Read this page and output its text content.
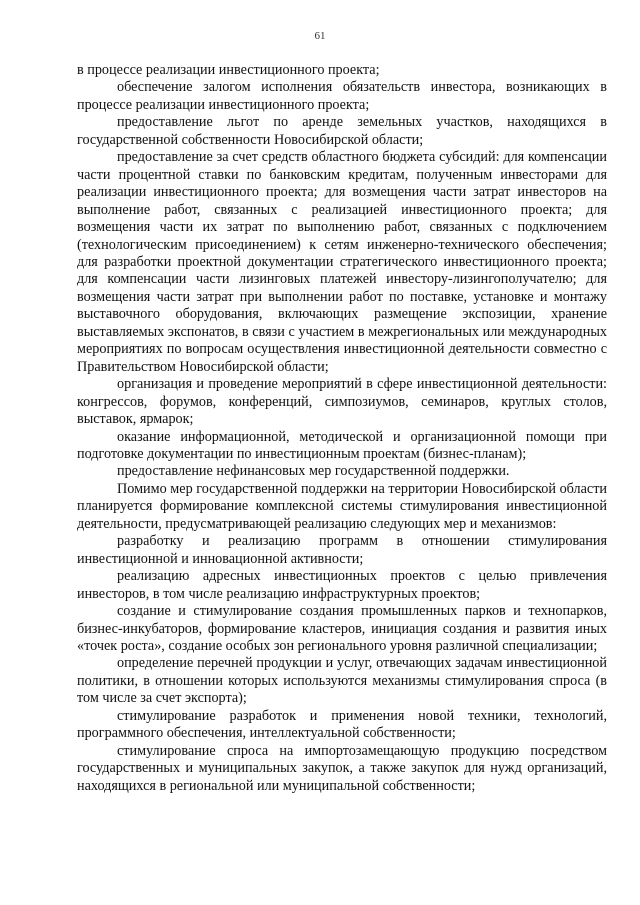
61

в процессе реализации инвестиционного проекта;

обеспечение залогом исполнения обязательств инвестора, возникающих в процессе реализации инвестиционного проекта;

предоставление льгот по аренде земельных участков, находящихся в государственной собственности Новосибирской области;

предоставление за счет средств областного бюджета субсидий: для компенсации части процентной ставки по банковским кредитам, полученным инвесторами для реализации инвестиционного проекта; для возмещения части затрат инвесторов на выполнение работ, связанных с реализацией инвестиционного проекта; для возмещения части их затрат по выполнению работ, связанных с подключением (технологическим присоединением) к сетям инженерно-технического обеспечения; для разработки проектной документации стратегического инвестиционного проекта; для компенсации части лизинговых платежей инвестору-лизингополучателю; для возмещения части затрат при выполнении работ по поставке, установке и монтажу выставочного оборудования, включающих размещение экспозиции, хранение выставляемых экспонатов, в связи с участием в межрегиональных или международных мероприятиях по вопросам осуществления инвестиционной деятельности совместно с Правительством Новосибирской области;

организация и проведение мероприятий в сфере инвестиционной деятельности: конгрессов, форумов, конференций, симпозиумов, семинаров, круглых столов, выставок, ярмарок;

оказание информационной, методической и организационной помощи при подготовке документации по инвестиционным проектам (бизнес-планам);

предоставление нефинансовых мер государственной поддержки.

Помимо мер государственной поддержки на территории Новосибирской области планируется формирование комплексной системы стимулирования инвестиционной деятельности, предусматривающей реализацию следующих мер и механизмов:

разработку и реализацию программ в отношении стимулирования инвестиционной и инновационной активности;

реализацию адресных инвестиционных проектов с целью привлечения инвесторов, в том числе реализацию инфраструктурных проектов;

создание и стимулирование создания промышленных парков и технопарков, бизнес-инкубаторов, формирование кластеров, инициация создания и развития иных «точек роста», создание особых зон регионального уровня различной специализации;

определение перечней продукции и услуг, отвечающих задачам инвестиционной политики, в отношении которых используются механизмы стимулирования спроса (в том числе за счет экспорта);

стимулирование разработок и применения новой техники, технологий, программного обеспечения, интеллектуальной собственности;

стимулирование спроса на импортозамещающую продукцию посредством государственных и муниципальных закупок, а также закупок для нужд организаций, находящихся в региональной или муниципальной собственности;
